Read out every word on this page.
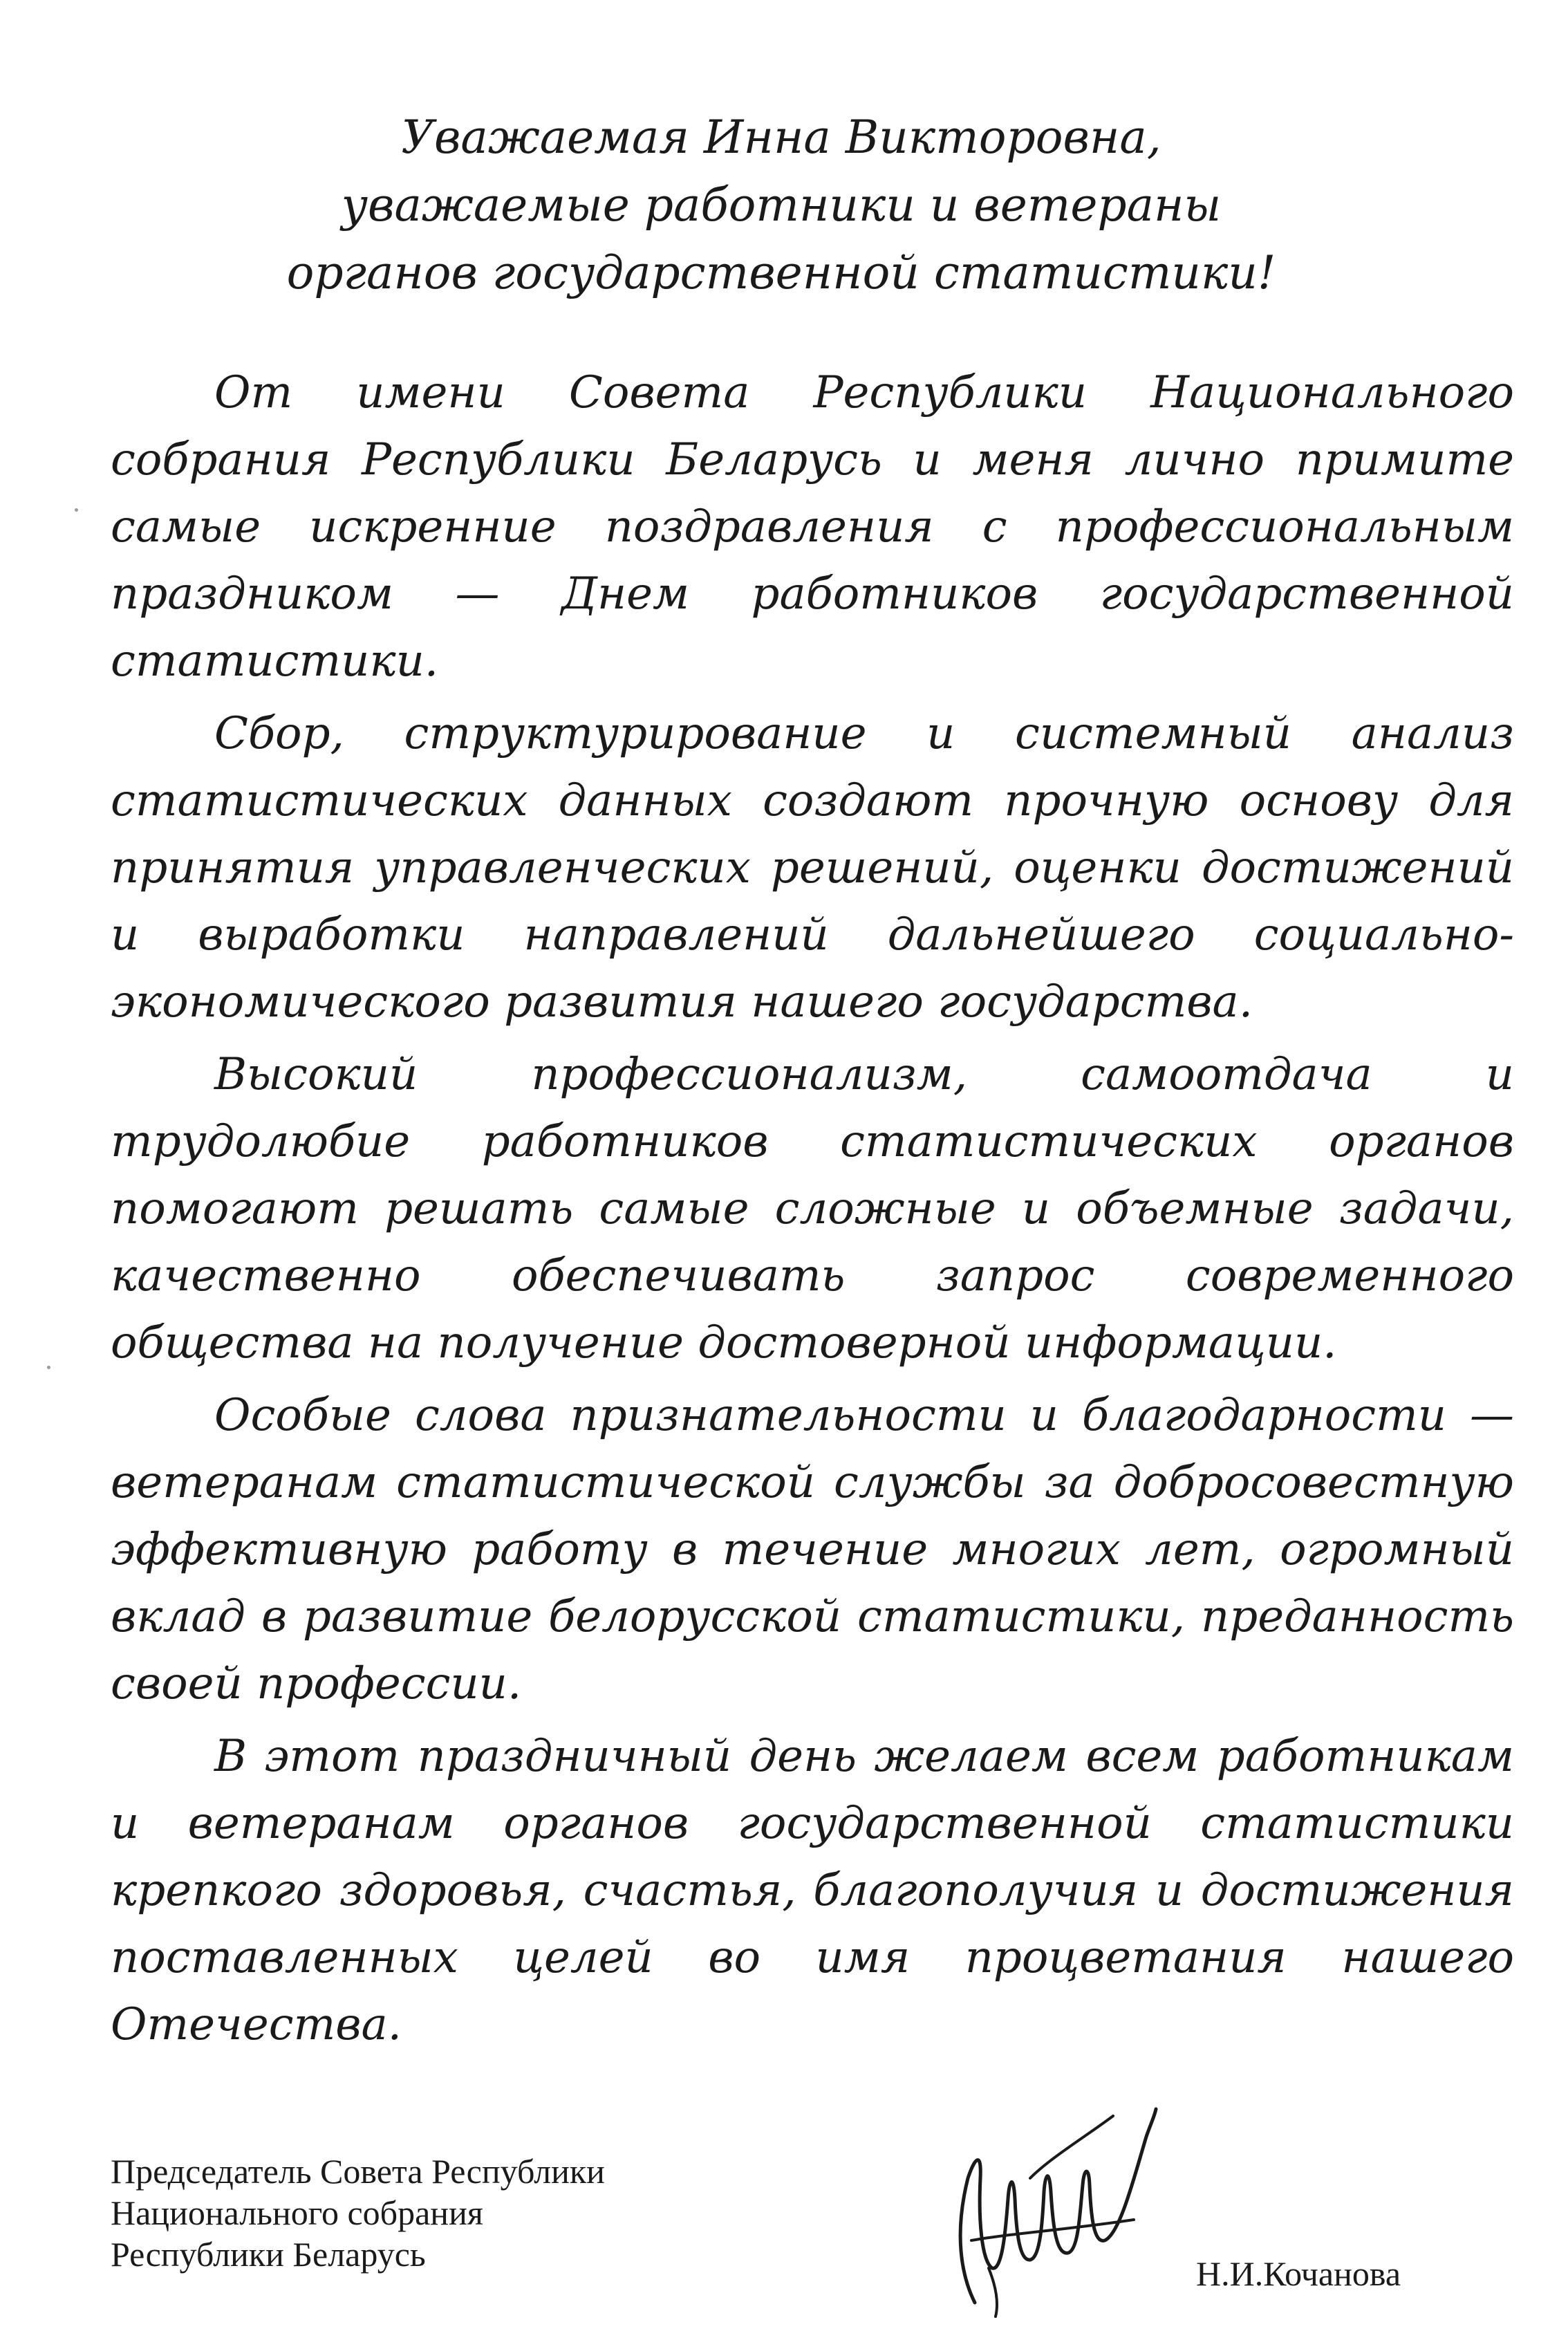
Уважаемая Инна Викторовна,
уважаемые работники и ветераны
органов государственной статистики!

От имени Совета Республики Национального собрания Республики Беларусь и меня лично примите самые искренние поздравления с профессиональным праздником — Днем работников государственной статистики.

Сбор, структурирование и системный анализ статистических данных создают прочную основу для принятия управленческих решений, оценки достижений и выработки направлений дальнейшего социально-экономического развития нашего государства.

Высокий профессионализм, самоотдача и трудолюбие работников статистических органов помогают решать самые сложные и объемные задачи, качественно обеспечивать запрос современного общества на получение достоверной информации.

Особые слова признательности и благодарности — ветеранам статистической службы за добросовестную эффективную работу в течение многих лет, огромный вклад в развитие белорусской статистики, преданность своей профессии.

В этот праздничный день желаем всем работникам и ветеранам органов государственной статистики крепкого здоровья, счастья, благополучия и достижения поставленных целей во имя процветания нашего Отечества.

Председатель Совета Республики
Национального собрания
Республики Беларусь	Н.И.Кочанова
